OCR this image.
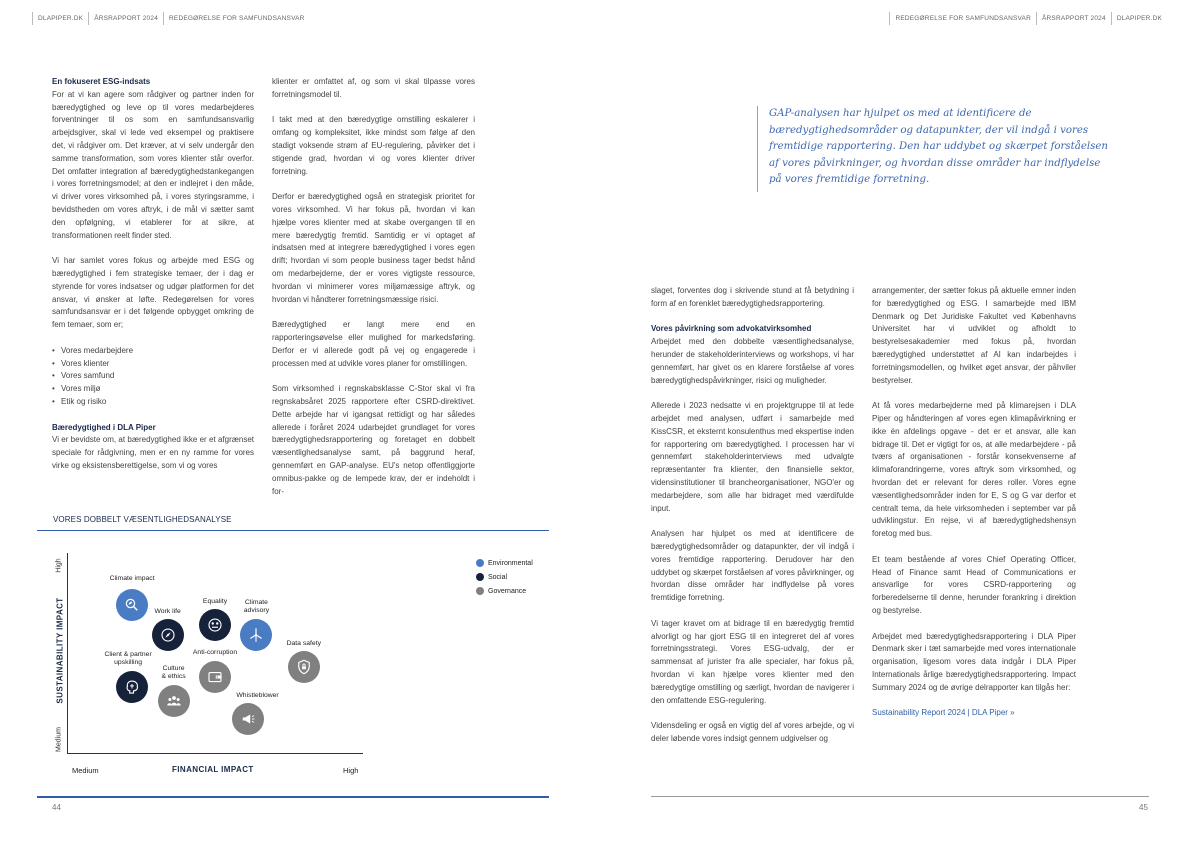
DLAPIPER.DK	ÅRSRAPPORT 2024	REDEGØRELSE FOR SAMFUNDSANSVAR	REDEGØRELSE FOR SAMFUNDSANSVAR	ÅRSRAPPORT 2024	DLAPIPER.DK
En fokuseret ESG-indsats

For at vi kan agere som rådgiver og partner inden for bæredygtighed og leve op til vores medarbejderes forventninger til os som en samfundsansvarlig arbejdsgiver, skal vi lede ved eksempel og praktisere det, vi rådgiver om. Det kræver, at vi selv undergår den samme transformation, som vores klienter står overfor. Det omfatter integration af bæredygtighedstankegangen i vores forretningsmodel; at den er indlejret i den måde, vi driver vores virksomhed på, i vores styringsramme, i bevidstheden om vores aftryk, i de mål vi sætter samt den opfølgning, vi etablerer for at sikre, at transformationen reelt finder sted.

Vi har samlet vores fokus og arbejde med ESG og bæredygtighed i fem strategiske temaer, der i dag er styrende for vores indsatser og udgør platformen for det ansvar, vi ønsker at løfte. Redegørelsen for vores samfundsansvar er i det følgende opbygget omkring de fem temaer, som er;

• Vores medarbejdere
• Vores klienter
• Vores samfund
• Vores miljø
• Etik og risiko
Bæredygtighed i DLA Piper

Vi er bevidste om, at bæredygtighed ikke er et afgrænset speciale for rådgivning, men er en ny ramme for vores virke og eksistensberettigelse, som vi og vores

klienter er omfattet af, og som vi skal tilpasse vores forretningsmodel til.

I takt med at den bæredygtige omstilling eskalerer i omfang og kompleksitet, ikke mindst som følge af den stadigt voksende strøm af EU-regulering, påvirker det i stigende grad, hvordan vi og vores klienter driver forretning.

Derfor er bæredygtighed også en strategisk prioritet for vores virksomhed. Vi har fokus på, hvordan vi kan hjælpe vores klienter med at skabe overgangen til en mere bæredygtig fremtid. Samtidig er vi optaget af indsatsen med at integrere bæredygtighed i vores egen drift; hvordan vi som people business tager bedst hånd om medarbejderne, der er vores vigtigste ressource, hvordan vi minimerer vores miljømæssige aftryk, og hvordan vi håndterer forretningsmæssige risici.

Bæredygtighed er langt mere end en rapporteringsøvelse eller mulighed for markedsføring. Derfor er vi allerede godt på vej og engagerede i processen med at udvikle vores planer for omstillingen.

Som virksomhed i regnskabsklasse C-Stor skal vi fra regnskabsåret 2025 rapportere efter CSRD-direktivet. Dette arbejde har vi igangsat rettidigt og har således allerede i foråret 2024 udarbejdet grundlaget for vores bæredygtighedsrapportering og foretaget en dobbelt væsentlighedsanalyse samt, på baggrund heraf, gennemført en GAP-analyse. EU's netop offentliggjorte omnibus-pakke og de lempede krav, der er indeholdt i for-

GAP-analysen har hjulpet os med at identificere de bæredygtighedsområder og datapunkter, der vil indgå i vores fremtidige rapportering. Den har uddybet og skærpet forståelsen af vores påvirkninger, og hvordan disse områder har indflydelse på vores fremtidige forretning.

slaget, forventes dog i skrivende stund at få betydning i form af en forenklet bæredygtighedsrapportering.

Vores påvirkning som advokatvirksomhed

Arbejdet med den dobbelte væsentlighedsanalyse, herunder de stakeholderinterviews og workshops, vi har gennemført, har givet os en klarere forståelse af vores bæredygtighedspåvirkninger, risici og muligheder.

Allerede i 2023 nedsatte vi en projektgruppe til at lede arbejdet med analysen, udført i samarbejde med KissCSR, et eksternt konsulenthus med ekspertise inden for rapportering om bæredygtighed. I processen har vi gennemført stakeholderinterviews med udvalgte repræsentanter fra klienter, den finansielle sektor, vidensinstitutioner til brancheorganisationer, NGO'er og medarbejdere, som alle har bidraget med værdifulde input.

Analysen har hjulpet os med at identificere de bæredygtighedsområder og datapunkter, der vil indgå i vores fremtidige rapportering. Derudover har den uddybet og skærpet forståelsen af vores påvirkninger, og hvordan disse områder har indflydelse på vores fremtidige forretning.

Vi tager kravet om at bidrage til en bæredygtig fremtid alvorligt og har gjort ESG til en integreret del af vores forretningsstrategi. Vores ESG-udvalg, der er sammensat af jurister fra alle specialer, har fokus på, hvordan vi kan hjælpe vores klienter med den bæredygtige omstilling og særligt, hvordan de navigerer i den omfattende ESG-regulering.

Vidensdeling er også en vigtig del af vores arbejde, og vi deler løbende vores indsigt gennem udgivelser og

arrangementer, der sætter fokus på aktuelle emner inden for bæredygtighed og ESG. I samarbejde med IBM Denmark og Det Juridiske Fakultet ved Københavns Universitet har vi udviklet og afholdt to bestyrelsesakademier med fokus på, hvordan bæredygtighed understøttet af AI kan indarbejdes i forretningsmodellen, og hvilket øget ansvar, der påhviler bestyrelser.

At få vores medarbejderne med på klimarejsen i DLA Piper og håndteringen af vores egen klimapåvirkning er ikke én afdelings opgave - det er et ansvar, alle kan bidrage til. Det er vigtigt for os, at alle medarbejdere - på tværs af organisationen - forstår konsekvenserne af klimaforandringerne, vores aftryk som virksomhed, og hvordan det er relevant for deres roller. Vores egne væsentlighedsområder inden for E, S og G var derfor et centralt tema, da hele virksomheden i september var på udviklingstur. En rejse, vi af bæredygtighedshensyn foretog med bus.

Et team bestående af vores Chief Operating Officer, Head of Finance samt Head of Communications er ansvarlige for vores CSRD-rapportering og forberedelserne til denne, herunder forankring i direktion og bestyrelse.

Arbejdet med bæredygtighedsrapportering i DLA Piper Denmark sker i tæt samarbejde med vores internationale organisation, ligesom vores data indgår i DLA Piper Internationals årlige bæredygtighedsrapportering. Impact Summary 2024 og de øvrige delrapporter kan tilgås her:

Sustainability Report 2024 | DLA Piper »

VORES DOBBELT VÆSENTLIGHEDSANALYSE
High
Medium
SUSTAINABILITY IMPACT
Medium	High
FINANCIAL IMPACT
Climate impact
Work life
Equality	Climate
advisory
Data safety
Anti-corruption
Client & partner
upskilling
Culture
& ethics
Whistleblower
Environmental
Social
Governance
44	45
